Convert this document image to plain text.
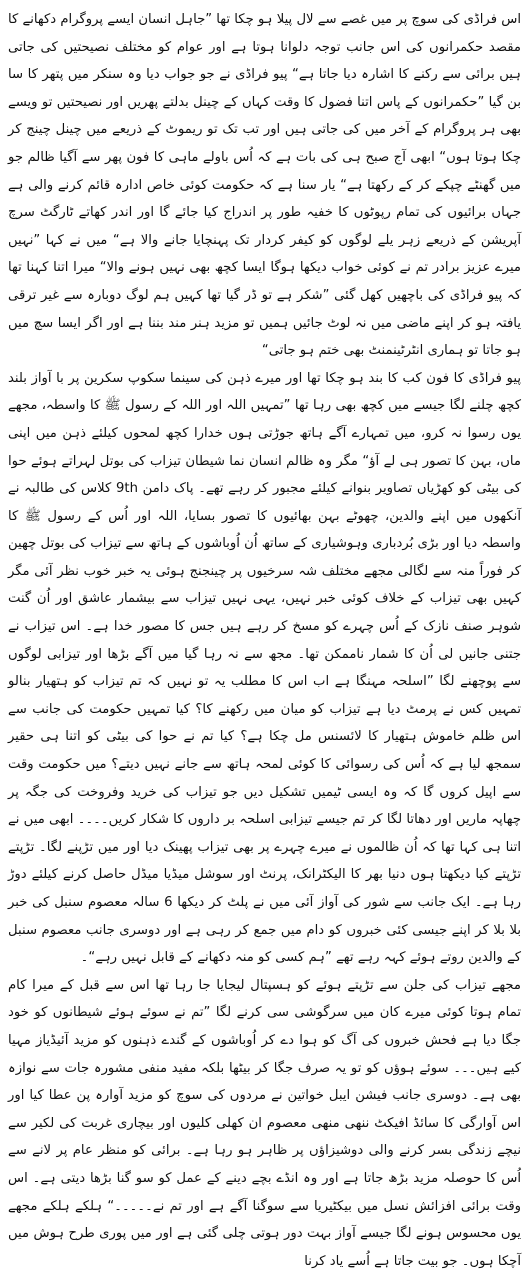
اس فراڈی کی سوچ پر میں غصے سے لال پیلا ہو چکا تھا ”جاہل انسان ایسے پروگرام دکھانے کا مقصد حکمرانوں کی اس جانب توجہ دلوانا ہوتا ہے اور عوام کو مختلف نصیحتیں کی جاتی ہیں برائی سے رکنے کا اشارہ دیا جاتا ہے“ پیو فراڈی نے جو جواب دیا وہ سنکر میں پتھر کا سا بن گیا ”حکمرانوں کے پاس اتنا فضول کا وقت کہاں کے چینل بدلتے پھریں اور نصیحتیں تو ویسے بھی ہر پروگرام کے آخر میں کی جاتی ہیں اور تب تک تو ریموٹ کے ذریعے میں چینل چینج کر چکا ہوتا ہوں“ ابھی آج صبح ہی کی بات ہے کہ اُس باولے ماہی کا فون پھر سے آگیا ظالم جو میں گھنٹے چپکے کر کے رکھتا ہے“ یار سنا ہے کہ حکومت کوئی خاص ادارہ قائم کرنے والی ہے جہاں برائیوں کی تمام رپوٹوں کا خفیہ طور پر اندراج کیا جائے گا اور اندر کھاتے ٹارگٹ سرچ آپریشن کے ذریعے زہر یلے لوگوں کو کیفر کردار تک پہنچایا جانے والا ہے“ میں نے کہا ”نہیں میرے عزیز برادر تم نے کوئی خواب دیکھا ہوگا ایسا کچھ بھی نہیں ہونے والا“ میرا اتنا کہنا تھا کہ پیو فراڈی کی باچھیں کھل گئی ”شکر ہے تو ڈر گیا تھا کہیں ہم لوگ دوبارہ سے غیر ترقی یافتہ ہو کر اپنے ماضی میں نہ لوٹ جائیں ہمیں تو مزید ہنر مند بننا ہے اور اگر ایسا سچ میں ہو جاتا تو ہماری انٹرٹینمنٹ بھی ختم ہو جاتی“

پیو فراڈی کا فون کب کا بند ہو چکا تھا اور میرے ذہن کی سینما سکوپ سکرین پر با آواز بلند کچھ چلنے لگا جیسے میں کچھ بھی رہا تھا ”تمہیں اللہ اور اللہ کے رسول ﷺ کا واسطہ، مجھے یوں رسوا نہ کرو، میں تمہارے آگے ہاتھ جوڑتی ہوں خدارا کچھ لمحوں کیلئے ذہن میں اپنی ماں، بہن کا تصور ہی لے آؤ“ مگر وہ ظالم انسان نما شیطان تیزاب کی بوتل لہراتے ہوئے حوا کی بیٹی کو کھڑیاں تصاویر بنوانے کیلئے مجبور کر رہے تھے۔ پاک دامن 9th کلاس کی طالبہ نے آنکھوں میں اپنے والدین، چھوٹے بہن بھائیوں کا تصور بسایا، اللہ اور اُس کے رسول ﷺ کا واسطہ دیا اور بڑی بُردباری وہوشیاری کے ساتھ اُن اُوباشوں کے ہاتھ سے تیزاب کی بوتل چھین کر فوراً منہ سے لگالی مجھے مختلف شہ سرخیوں پر چینجنج ہوئی یہ خبر خوب نظر آئی مگر کہیں بھی تیزاب کے خلاف کوئی خبر نہیں، یہی نہیں تیزاب سے بیشمار عاشق اور اُن گنت شوہر صنف نازک کے اُس چہرے کو مسخ کر رہے ہیں جس کا مصور خدا ہے۔ اس تیزاب نے جتنی جانیں لی اُن کا شمار ناممکن تھا۔ مجھ سے نہ رہا گیا میں آگے بڑھا اور تیزابی لوگوں سے پوچھنے لگا ”اسلحہ مہنگا ہے اب اس کا مطلب یہ تو نہیں کہ تم تیزاب کو ہتھیار بنالو تمہیں کس نے پرمٹ دیا ہے تیزاب کو میان میں رکھنے کا؟ کیا تمہیں حکومت کی جانب سے اس ظلم خاموش ہتھیار کا لائسنس مل چکا ہے؟ کیا تم نے حوا کی بیٹی کو اتنا ہی حقیر سمجھ لیا ہے کہ اُس کی رسوائی کا کوئی لمحہ ہاتھ سے جانے نہیں دیتے؟ میں حکومت وقت سے اپیل کروں گا کہ وہ ایسی ٹیمیں تشکیل دیں جو تیزاب کی خرید وفروخت کی جگہ پر چھاپہ ماریں اور دھاتا لگا کر تم جیسے تیزابی اسلحہ بر داروں کا شکار کریں۔۔۔۔ ابھی میں نے اتنا ہی کہا تھا کہ اُن ظالموں نے میرے چہرے پر بھی تیزاب پھینک دیا اور میں تڑپنے لگا۔ تڑپتے تڑپتے کیا دیکھتا ہوں دنیا بھر کا الیکٹرانک، پرنٹ اور سوشل میڈیا میڈل حاصل کرنے کیلئے دوڑ رہا ہے۔ ایک جانب سے شور کی آواز آئی میں نے پلٹ کر دیکھا 6 سالہ معصوم سنبل کی خبر بلا بلا کر اپنے جیسی کئی خبروں کو دام میں جمع کر رہی ہے اور دوسری جانب معصوم سنبل کے والدین روتے ہوئے کہہ رہے تھے ”ہم کسی کو منہ دکھانے کے قابل نہیں رہے“۔

مجھے تیزاب کی جلن سے تڑپتے ہوئے کو ہسپتال لیجایا جا رہا تھا اس سے قبل کے میرا کام تمام ہوتا کوئی میرے کان میں سرگوشی سی کرنے لگا ”تم نے سوئے ہوئے شیطانوں کو خود جگا دیا ہے فحش خبروں کی آگ کو ہوا دے کر اُوباشوں کے گندے ذہنوں کو مزید آئیڈیاز مہیا کیے ہیں۔۔۔ سوئے ہوؤں کو تو یہ صرف جگا کر بیٹھا بلکہ مفید منفی مشورہ جات سے نوازہ بھی ہے۔ دوسری جانب فیشن ایبل خواتین نے مردوں کی سوچ کو مزید آوارہ پن عطا کیا اور اس آوارگی کا سائڈ افیکٹ ننھی منھی معصوم ان کھلی کلیوں اور بیچاری غربت کی لکیر سے نیچے زندگی بسر کرنے والی دوشیزاؤں پر ظاہر ہو رہا ہے۔ برائی کو منظر عام پر لانے سے اُس کا حوصلہ مزید بڑھ جاتا ہے اور وہ انڈے بچے دینے کے عمل کو سو گنا بڑھا دیتی ہے۔ اس وقت برائی افزائش نسل میں بیکٹیریا سے سوگنا آگے ہے اور تم نے۔۔۔۔۔“ ہلکے ہلکے مجھے یوں محسوس ہونے لگا جیسے آواز بہت دور ہوتی چلی گئی ہے اور میں پوری طرح ہوش میں آچکا ہوں۔ جو بیت جاتا ہے اُسے یاد کرنا
